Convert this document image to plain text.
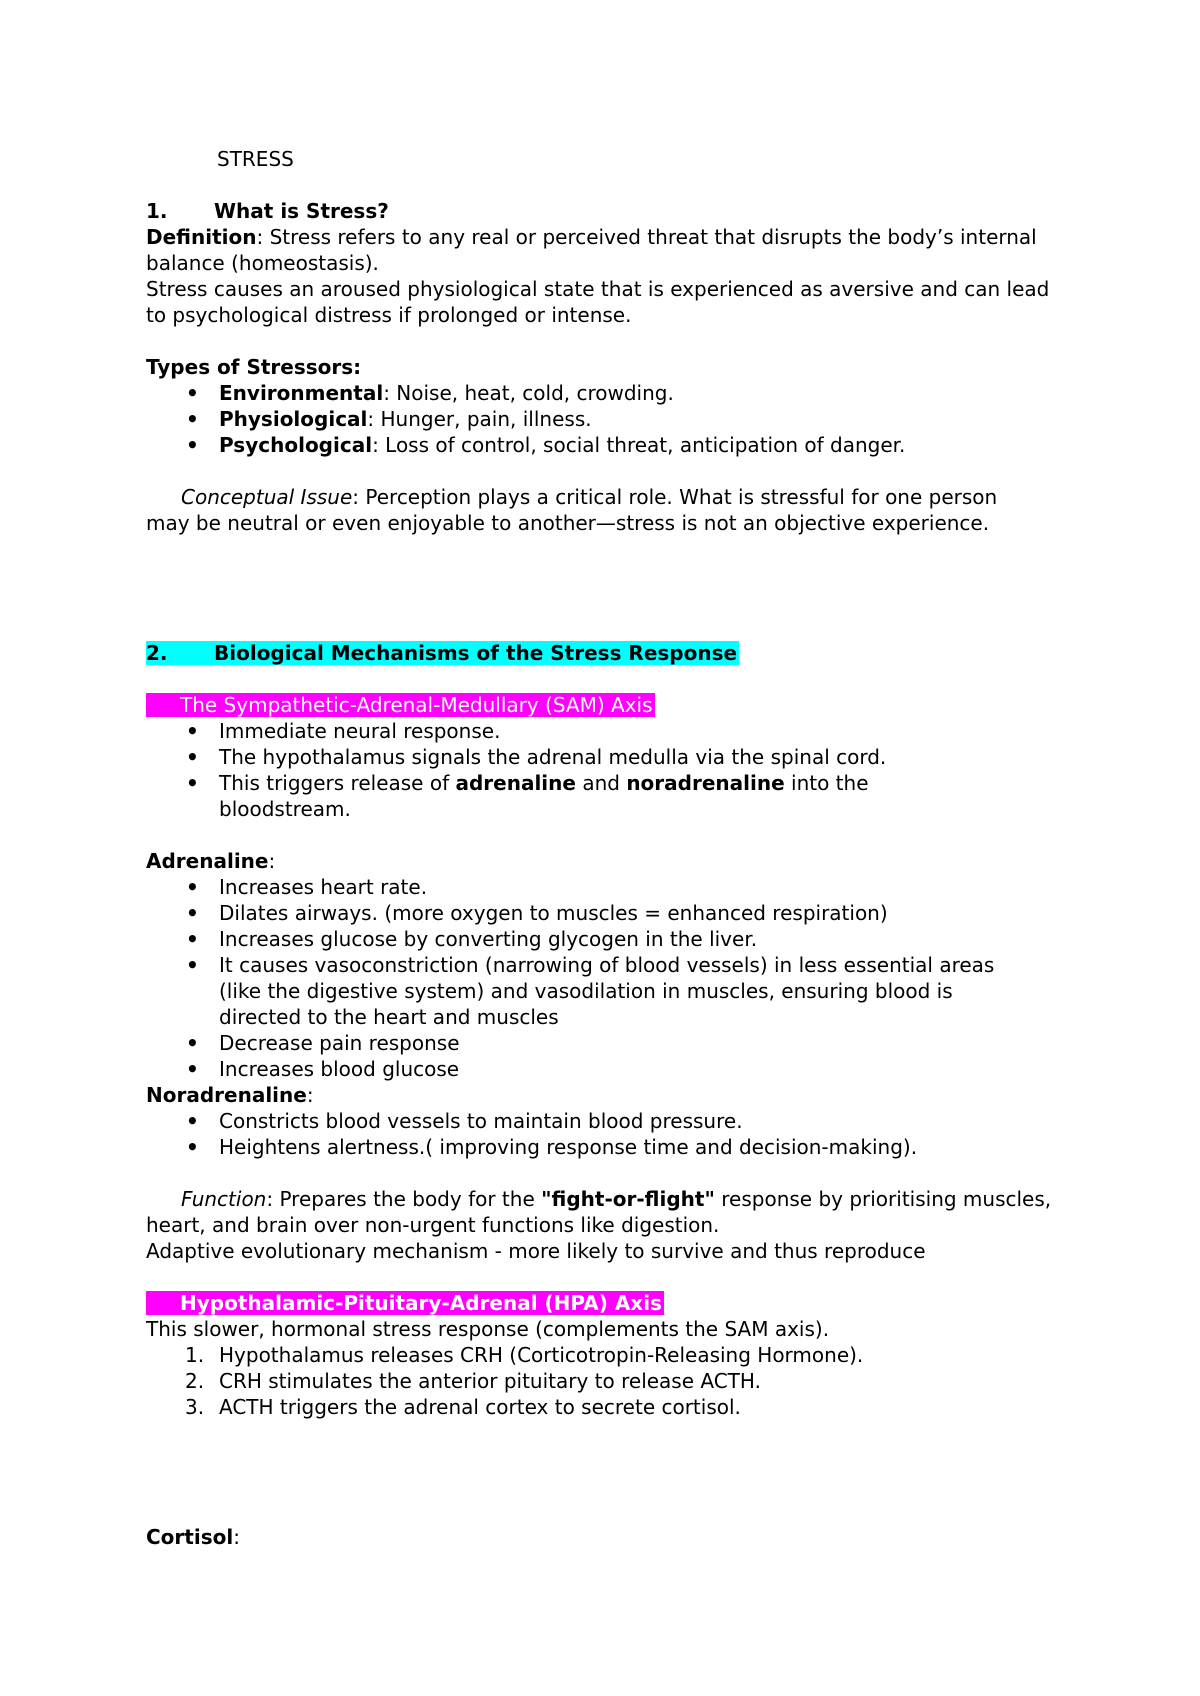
STRESS

1. What is Stress?

Definition: Stress refers to any real or perceived threat that disrupts the body’s internal balance (homeostasis).

Stress causes an aroused physiological state that is experienced as aversive and can lead to psychological distress if prolonged or intense.

Types of Stressors:

• Environmental: Noise, heat, cold, crowding.
• Physiological: Hunger, pain, illness.
• Psychological: Loss of control, social threat, anticipation of danger.

Conceptual Issue: Perception plays a critical role. What is stressful for one person may be neutral or even enjoyable to another—stress is not an objective experience.

2. Biological Mechanisms of the Stress Response

The Sympathetic-Adrenal-Medullary (SAM) Axis

• Immediate neural response.
• The hypothalamus signals the adrenal medulla via the spinal cord.
• This triggers release of adrenaline and noradrenaline into the bloodstream.

Adrenaline:

• Increases heart rate.
• Dilates airways. (more oxygen to muscles = enhanced respiration)
• Increases glucose by converting glycogen in the liver.
• It causes vasoconstriction (narrowing of blood vessels) in less essential areas (like the digestive system) and vasodilation in muscles, ensuring blood is directed to the heart and muscles
• Decrease pain response
• Increases blood glucose

Noradrenaline:

• Constricts blood vessels to maintain blood pressure.
• Heightens alertness.( improving response time and decision-making).

Function: Prepares the body for the "fight-or-flight" response by prioritising muscles, heart, and brain over non-urgent functions like digestion.

Adaptive evolutionary mechanism - more likely to survive and thus reproduce

Hypothalamic-Pituitary-Adrenal (HPA) Axis

This slower, hormonal stress response (complements the SAM axis).

1. Hypothalamus releases CRH (Corticotropin-Releasing Hormone).
2. CRH stimulates the anterior pituitary to release ACTH.
3. ACTH triggers the adrenal cortex to secrete cortisol.

Cortisol:
